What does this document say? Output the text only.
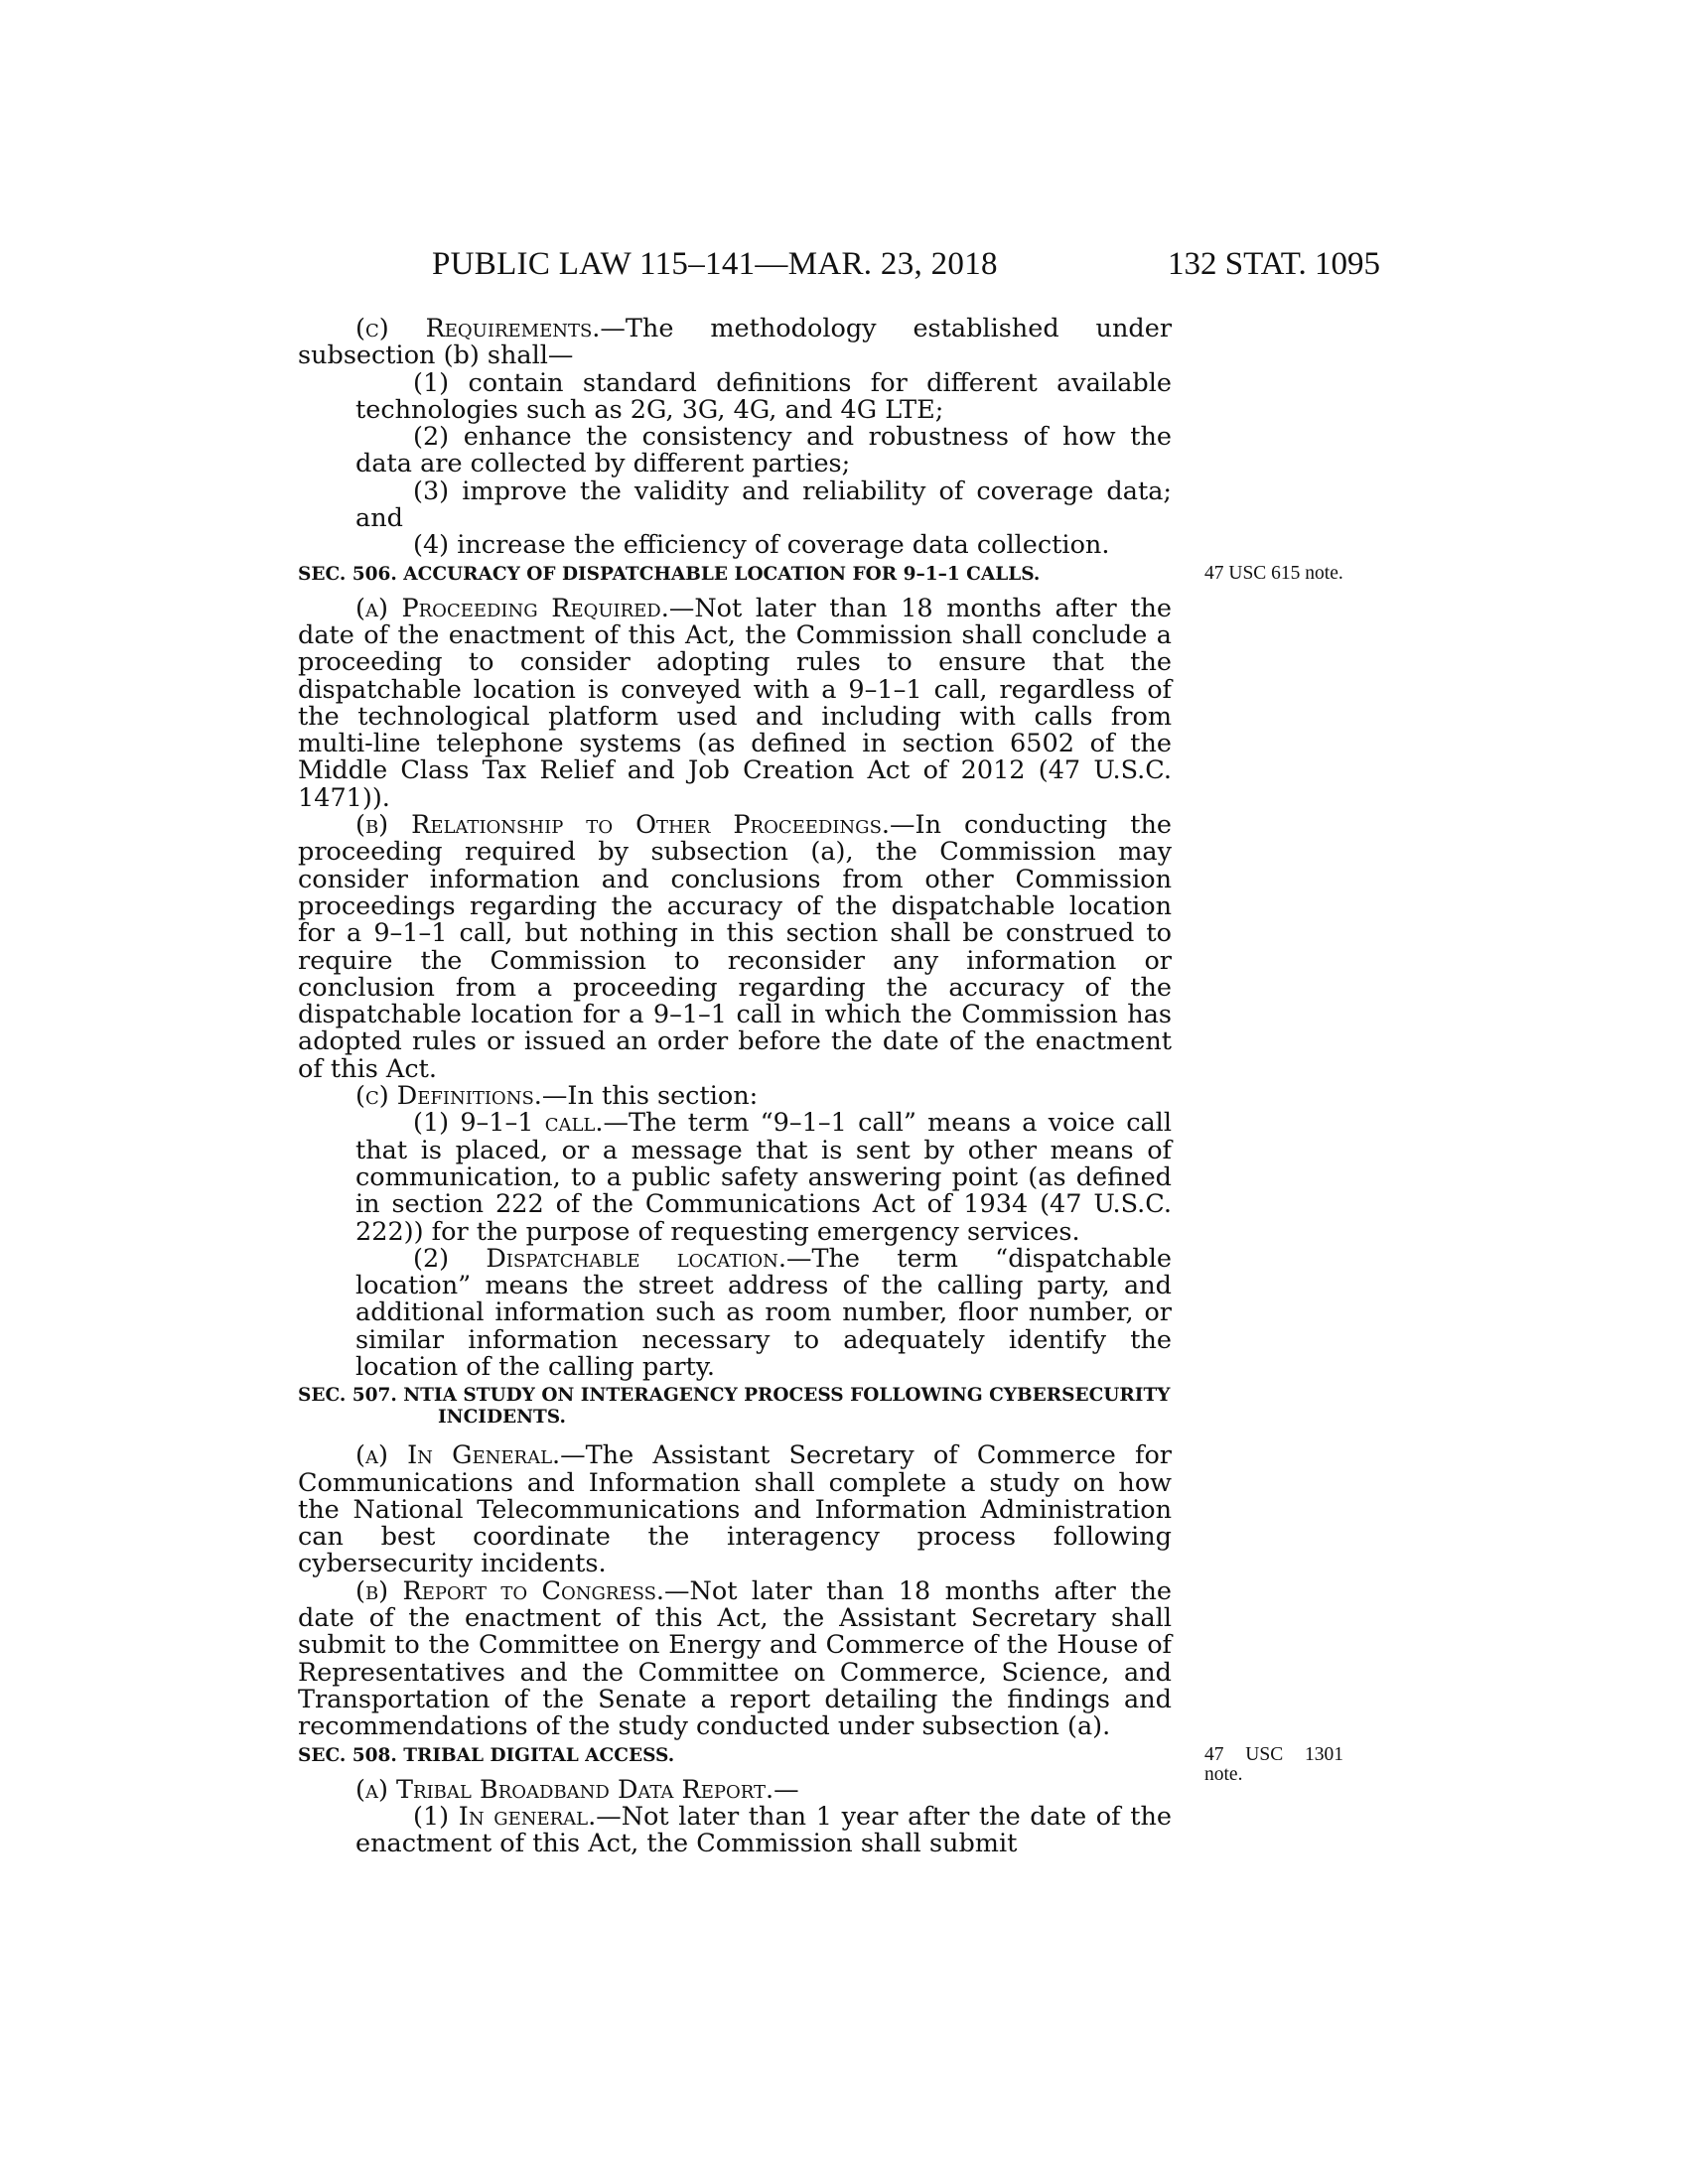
PUBLIC LAW 115–141—MAR. 23, 2018	132 STAT. 1095

(c) Requirements.—The methodology established under subsection (b) shall—

(1) contain standard definitions for different available technologies such as 2G, 3G, 4G, and 4G LTE;

(2) enhance the consistency and robustness of how the data are collected by different parties;

(3) improve the validity and reliability of coverage data; and

(4) increase the efficiency of coverage data collection.

SEC. 506. ACCURACY OF DISPATCHABLE LOCATION FOR 9–1–1 CALLS.	47 USC 615 note.

(a) Proceeding Required.—Not later than 18 months after the date of the enactment of this Act, the Commission shall conclude a proceeding to consider adopting rules to ensure that the dispatchable location is conveyed with a 9–1–1 call, regardless of the technological platform used and including with calls from multi-line telephone systems (as defined in section 6502 of the Middle Class Tax Relief and Job Creation Act of 2012 (47 U.S.C. 1471)).

(b) Relationship to Other Proceedings.—In conducting the proceeding required by subsection (a), the Commission may consider information and conclusions from other Commission proceedings regarding the accuracy of the dispatchable location for a 9–1–1 call, but nothing in this section shall be construed to require the Commission to reconsider any information or conclusion from a proceeding regarding the accuracy of the dispatchable location for a 9–1–1 call in which the Commission has adopted rules or issued an order before the date of the enactment of this Act.

(c) Definitions.—In this section:

(1) 9–1–1 call.—The term “9–1–1 call” means a voice call that is placed, or a message that is sent by other means of communication, to a public safety answering point (as defined in section 222 of the Communications Act of 1934 (47 U.S.C. 222)) for the purpose of requesting emergency services.

(2) Dispatchable location.—The term “dispatchable location” means the street address of the calling party, and additional information such as room number, floor number, or similar information necessary to adequately identify the location of the calling party.

SEC. 507. NTIA STUDY ON INTERAGENCY PROCESS FOLLOWING CYBERSECURITY INCIDENTS.

(a) In General.—The Assistant Secretary of Commerce for Communications and Information shall complete a study on how the National Telecommunications and Information Administration can best coordinate the interagency process following cybersecurity incidents.

(b) Report to Congress.—Not later than 18 months after the date of the enactment of this Act, the Assistant Secretary shall submit to the Committee on Energy and Commerce of the House of Representatives and the Committee on Commerce, Science, and Transportation of the Senate a report detailing the findings and recommendations of the study conducted under subsection (a).

SEC. 508. TRIBAL DIGITAL ACCESS.	47 USC 1301 note.

(a) Tribal Broadband Data Report.—

(1) In general.—Not later than 1 year after the date of the enactment of this Act, the Commission shall submit
